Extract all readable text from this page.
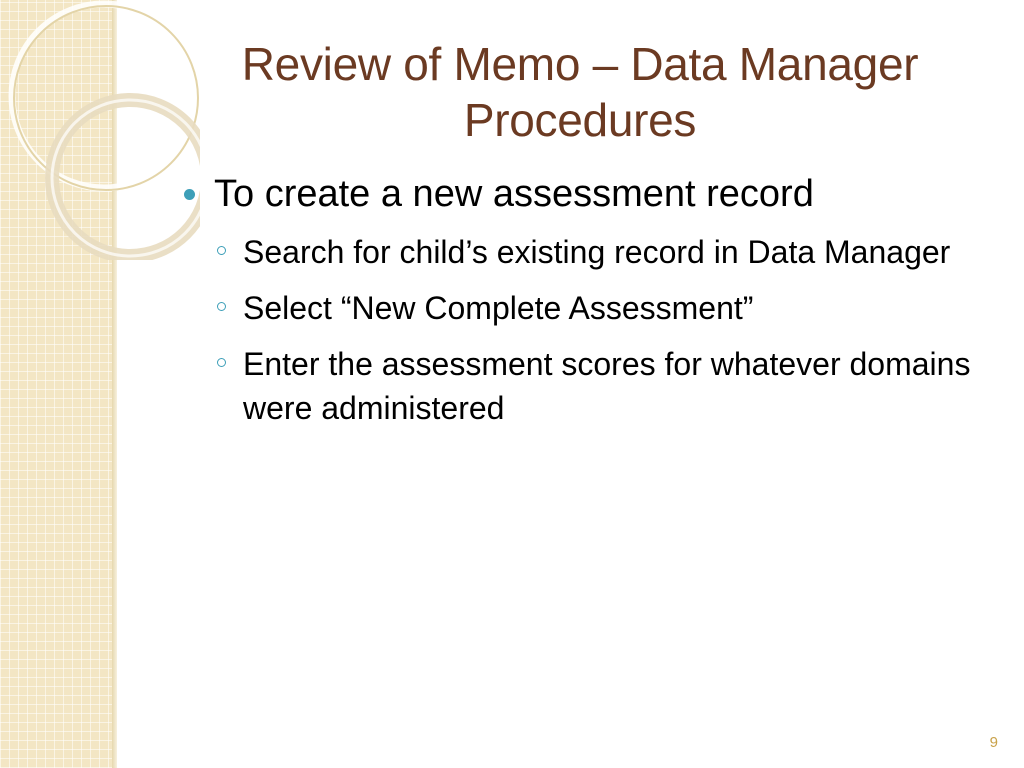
Review of Memo – Data Manager Procedures
To create a new assessment record
Search for child’s existing record in Data Manager
Select “New Complete Assessment”
Enter the assessment scores for whatever domains were administered
9
